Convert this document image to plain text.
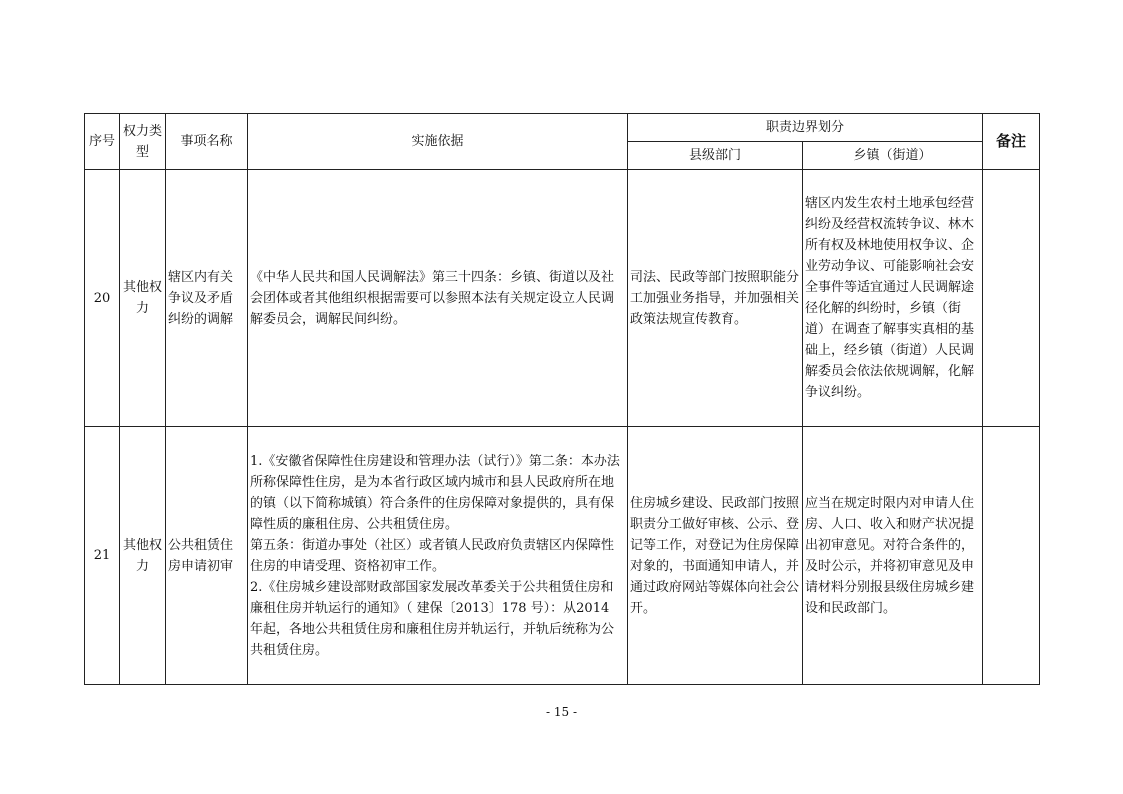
序号	权力类型	事项名称	实施依据	职责边界划分		备注
				县级部门	乡镇（街道）	
20	其他权力	辖区内有关争议及矛盾纠纷的调解	《中华人民共和国人民调解法》第三十四条：乡镇、街道以及社会团体或者其他组织根据需要可以参照本法有关规定设立人民调解委员会，调解民间纠纷。	司法、民政等部门按照职能分工加强业务指导，并加强相关政策法规宣传教育。	辖区内发生农村土地承包经营纠纷及经营权流转争议、林木所有权及林地使用权争议、企业劳动争议、可能影响社会安全事件等适宜通过人民调解途径化解的纠纷时，乡镇（街道）在调查了解事实真相的基础上，经乡镇（街道）人民调解委员会依法依规调解，化解争议纠纷。	
21	其他权力	公共租赁住房申请初审	1.《安徽省保障性住房建设和管理办法（试行）》第二条：本办法所称保障性住房，是为本省行政区域内城市和县人民政府所在地的镇（以下简称城镇）符合条件的住房保障对象提供的，具有保障性质的廉租住房、公共租赁住房。
第五条：街道办事处（社区）或者镇人民政府负责辖区内保障性住房的申请受理、资格初审工作。
2.《住房城乡建设部财政部国家发展改革委关于公共租赁住房和廉租住房并轨运行的通知》（ 建保〔2013〕178 号）：从2014 年起，各地公共租赁住房和廉租住房并轨运行，并轨后统称为公共租赁住房。	住房城乡建设、民政部门按照职责分工做好审核、公示、登记等工作，对登记为住房保障对象的，书面通知申请人，并通过政府网站等媒体向社会公开。	应当在规定时限内对申请人住房、人口、收入和财产状况提出初审意见。对符合条件的，及时公示，并将初审意见及申请材料分别报县级住房城乡建设和民政部门。	
- 15 -
